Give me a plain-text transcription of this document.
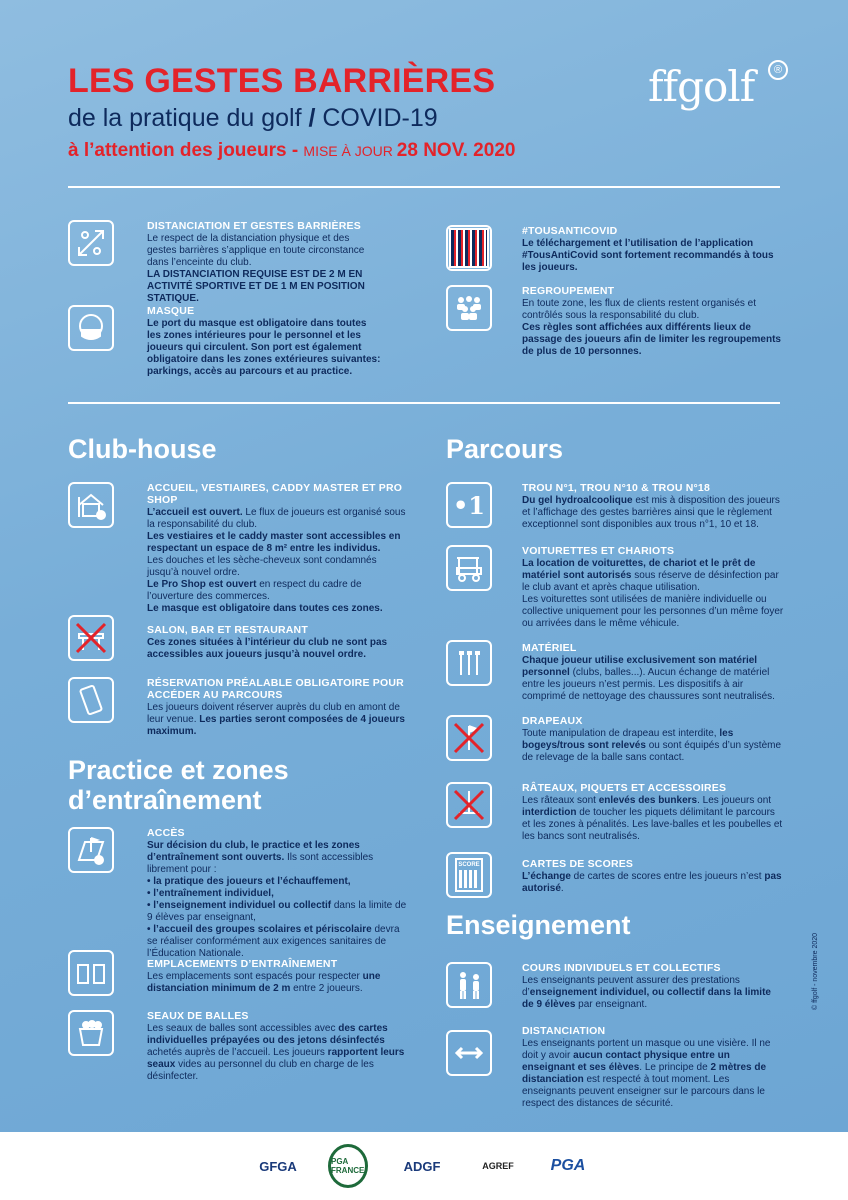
LES GESTES BARRIÈRES
de la pratique du golf / COVID-19
à l’attention des joueurs - MISE À JOUR 28 NOV. 2020
ffgolf	®
DISTANCIATION ET GESTES BARRIÈRES

Le respect de la distanciation physique et des gestes barrières s’applique en toute circonstance dans l’enceinte du club.

LA DISTANCIATION REQUISE EST DE 2 M EN ACTIVITÉ SPORTIVE ET DE 1 M EN POSITION STATIQUE.

MASQUE

Le port du masque est obligatoire dans toutes les zones intérieures pour le personnel et les joueurs qui circulent. Son port est également obligatoire dans les zones extérieures suivantes: parkings, accès au parcours et au practice.

#TOUSANTICOVID

Le téléchargement et l’utilisation de l’application #TousAntiCovid sont fortement recommandés à tous les joueurs.

REGROUPEMENT

En toute zone, les flux de clients restent organisés et contrôlés sous la responsabilité du club.

Ces règles sont affichées aux différents lieux de passage des joueurs afin de limiter les regroupements de plus de 10 personnes.

Club-house
ACCUEIL, VESTIAIRES, CADDY MASTER ET PRO SHOP

L’accueil est ouvert. Le flux de joueurs est organisé sous la responsabilité du club.

Les vestiaires et le caddy master sont accessibles en respectant un espace de 8 m² entre les individus.

Les douches et les sèche-cheveux sont condamnés jusqu’à nouvel ordre.

Le Pro Shop est ouvert en respect du cadre de l’ouverture des commerces.

Le masque est obligatoire dans toutes ces zones.

SALON, BAR ET RESTAURANT

Ces zones situées à l’intérieur du club ne sont pas accessibles aux joueurs jusqu’à nouvel ordre.

RÉSERVATION PRÉALABLE OBLIGATOIRE POUR ACCÉDER AU PARCOURS

Les joueurs doivent réserver auprès du club en amont de leur venue. Les parties seront composées de 4 joueurs maximum.

Practice et zones d’entraînement
ACCÈS

Sur décision du club, le practice et les zones d’entraînement sont ouverts. Ils sont accessibles librement pour :

• la pratique des joueurs et l’échauffement,
• l’entraînement individuel,
• l’enseignement individuel ou collectif dans la limite de 9 élèves par enseignant,
• l’accueil des groupes scolaires et périscolaire devra se réaliser conformément aux exigences sanitaires de l’Éducation Nationale.
EMPLACEMENTS D’ENTRAÎNEMENT

Les emplacements sont espacés pour respecter une distanciation minimum de 2 m entre 2 joueurs.

SEAUX DE BALLES

Les seaux de balles sont accessibles avec des cartes individuelles prépayées ou des jetons désinfectés achetés auprès de l’accueil. Les joueurs rapportent leurs seaux vides au personnel du club en charge de les désinfecter.

Parcours
•1
TROU N°1, TROU N°10 & TROU N°18

Du gel hydroalcoolique est mis à disposition des joueurs et l’affichage des gestes barrières ainsi que le règlement exceptionnel sont disponibles aux trous n°1, 10 et 18.

VOITURETTES ET CHARIOTS

La location de voiturettes, de chariot et le prêt de matériel sont autorisés sous réserve de désinfection par le club avant et après chaque utilisation.

Les voiturettes sont utilisées de manière individuelle ou collective uniquement pour les personnes d’un même foyer ou arrivées dans le même véhicule.

MATÉRIEL

Chaque joueur utilise exclusivement son matériel personnel (clubs, balles...). Aucun échange de matériel entre les joueurs n’est permis. Les dispositifs à air comprimé de nettoyage des chaussures sont neutralisés.

DRAPEAUX

Toute manipulation de drapeau est interdite, les bogeys/trous sont relevés ou sont équipés d’un système de relevage de la balle sans contact.

RÂTEAUX, PIQUETS ET ACCESSOIRES

Les râteaux sont enlevés des bunkers. Les joueurs ont interdiction de toucher les piquets délimitant le parcours et les zones à pénalités. Les lave-balles et les poubelles et les bancs sont neutralisés.

SCORE	CARTES DE SCORES

L’échange de cartes de scores entre les joueurs n’est pas autorisé.

Enseignement
COURS INDIVIDUELS ET COLLECTIFS

Les enseignants peuvent assurer des prestations d’enseignement individuel, ou collectif dans la limite de 9 élèves par enseignant.

DISTANCIATION

Les enseignants portent un masque ou une visière. Il ne doit y avoir aucun contact physique entre un enseignant et ses élèves. Le principe de 2 mètres de distanciation est respecté à tout moment. Les enseignants peuvent enseigner sur le parcours dans le respect des distances de sécurité.

© ffgolf - novembre 2020
GFGA	PGA FRANCE	ADGF	AGREF	PGA
